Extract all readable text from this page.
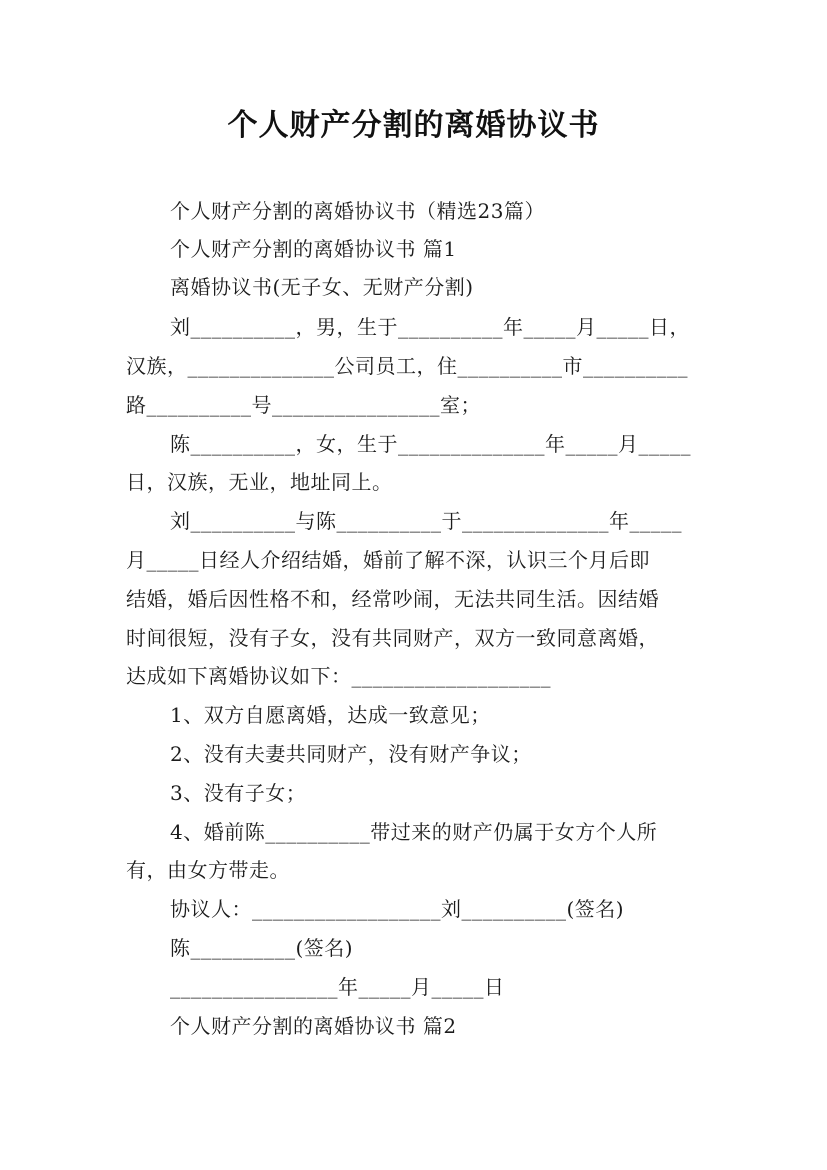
个人财产分割的离婚协议书
个人财产分割的离婚协议书（精选23篇）
个人财产分割的离婚协议书 篇1
离婚协议书(无子女、无财产分割)
刘__________，男，生于__________年_____月_____日，
汉族，______________公司员工，住__________市__________
路__________号________________室；
陈__________，女，生于______________年_____月_____
日，汉族，无业，地址同上。
刘__________与陈__________于______________年_____
月_____日经人介绍结婚，婚前了解不深，认识三个月后即
结婚，婚后因性格不和，经常吵闹，无法共同生活。因结婚
时间很短，没有子女，没有共同财产，双方一致同意离婚，
达成如下离婚协议如下：___________________
1、双方自愿离婚，达成一致意见；
2、没有夫妻共同财产，没有财产争议；
3、没有子女；
4、婚前陈__________带过来的财产仍属于女方个人所
有，由女方带走。
协议人：__________________刘__________(签名)
陈__________(签名)
________________年_____月_____日
个人财产分割的离婚协议书 篇2
